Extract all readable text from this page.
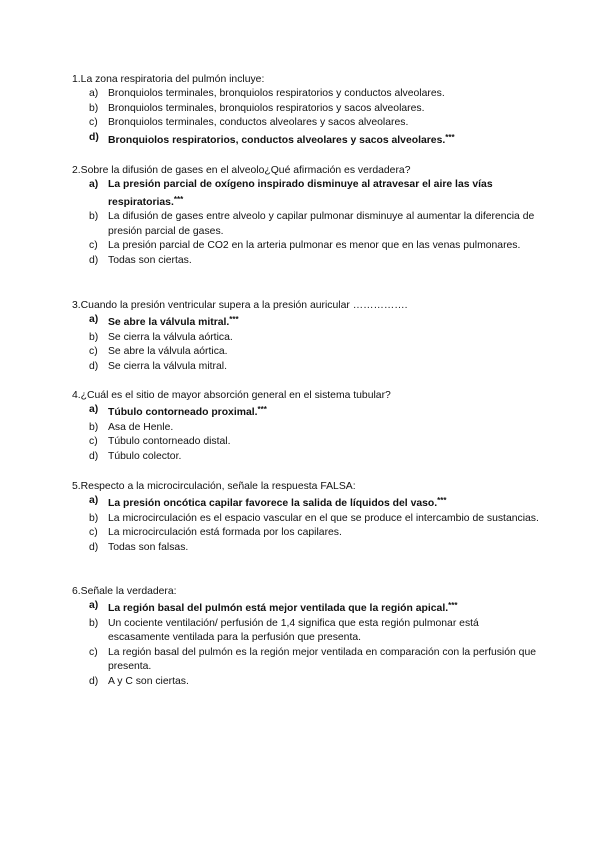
1.La zona respiratoria del pulmón incluye:

a) Bronquiolos terminales, bronquiolos respiratorios y conductos alveolares.
b) Bronquiolos terminales, bronquiolos respiratorios y sacos alveolares.
c) Bronquiolos terminales, conductos alveolares y sacos alveolares.
d) Bronquiolos respiratorios, conductos alveolares y sacos alveolares.***

2.Sobre la difusión de gases en el alveolo¿Qué afirmación es verdadera?

a) La presión parcial de oxígeno inspirado disminuye al atravesar el aire las vías respiratorias.***
b) La difusión de gases entre alveolo y capilar pulmonar disminuye al aumentar la diferencia de presión parcial de gases.
c) La presión parcial de CO2 en la arteria pulmonar es menor que en las venas pulmonares.
d) Todas son ciertas.

3.Cuando la presión ventricular supera a la presión auricular …………….

a) Se abre la válvula mitral.***
b) Se cierra la válvula aórtica.
c) Se abre la válvula aórtica.
d) Se cierra la válvula mitral.

4.¿Cuál es el sitio de mayor absorción general en el sistema tubular?

a) Túbulo contorneado proximal.***
b) Asa de Henle.
c) Túbulo contorneado distal.
d) Túbulo colector.

5.Respecto a la microcirculación, señale la respuesta FALSA:

a) La presión oncótica capilar favorece la salida de líquidos del vaso.***
b) La microcirculación es el espacio vascular en el que se produce el intercambio de sustancias.
c) La microcirculación está formada por los capilares.
d) Todas son falsas.

6.Señale la verdadera:

a) La región basal del pulmón está mejor ventilada que la región apical.***
b) Un cociente ventilación/ perfusión de 1,4 significa que esta región pulmonar está escasamente ventilada para la perfusión que presenta.
c) La región basal del pulmón es la región mejor ventilada en comparación con la perfusión que presenta.
d) A y C son ciertas.
